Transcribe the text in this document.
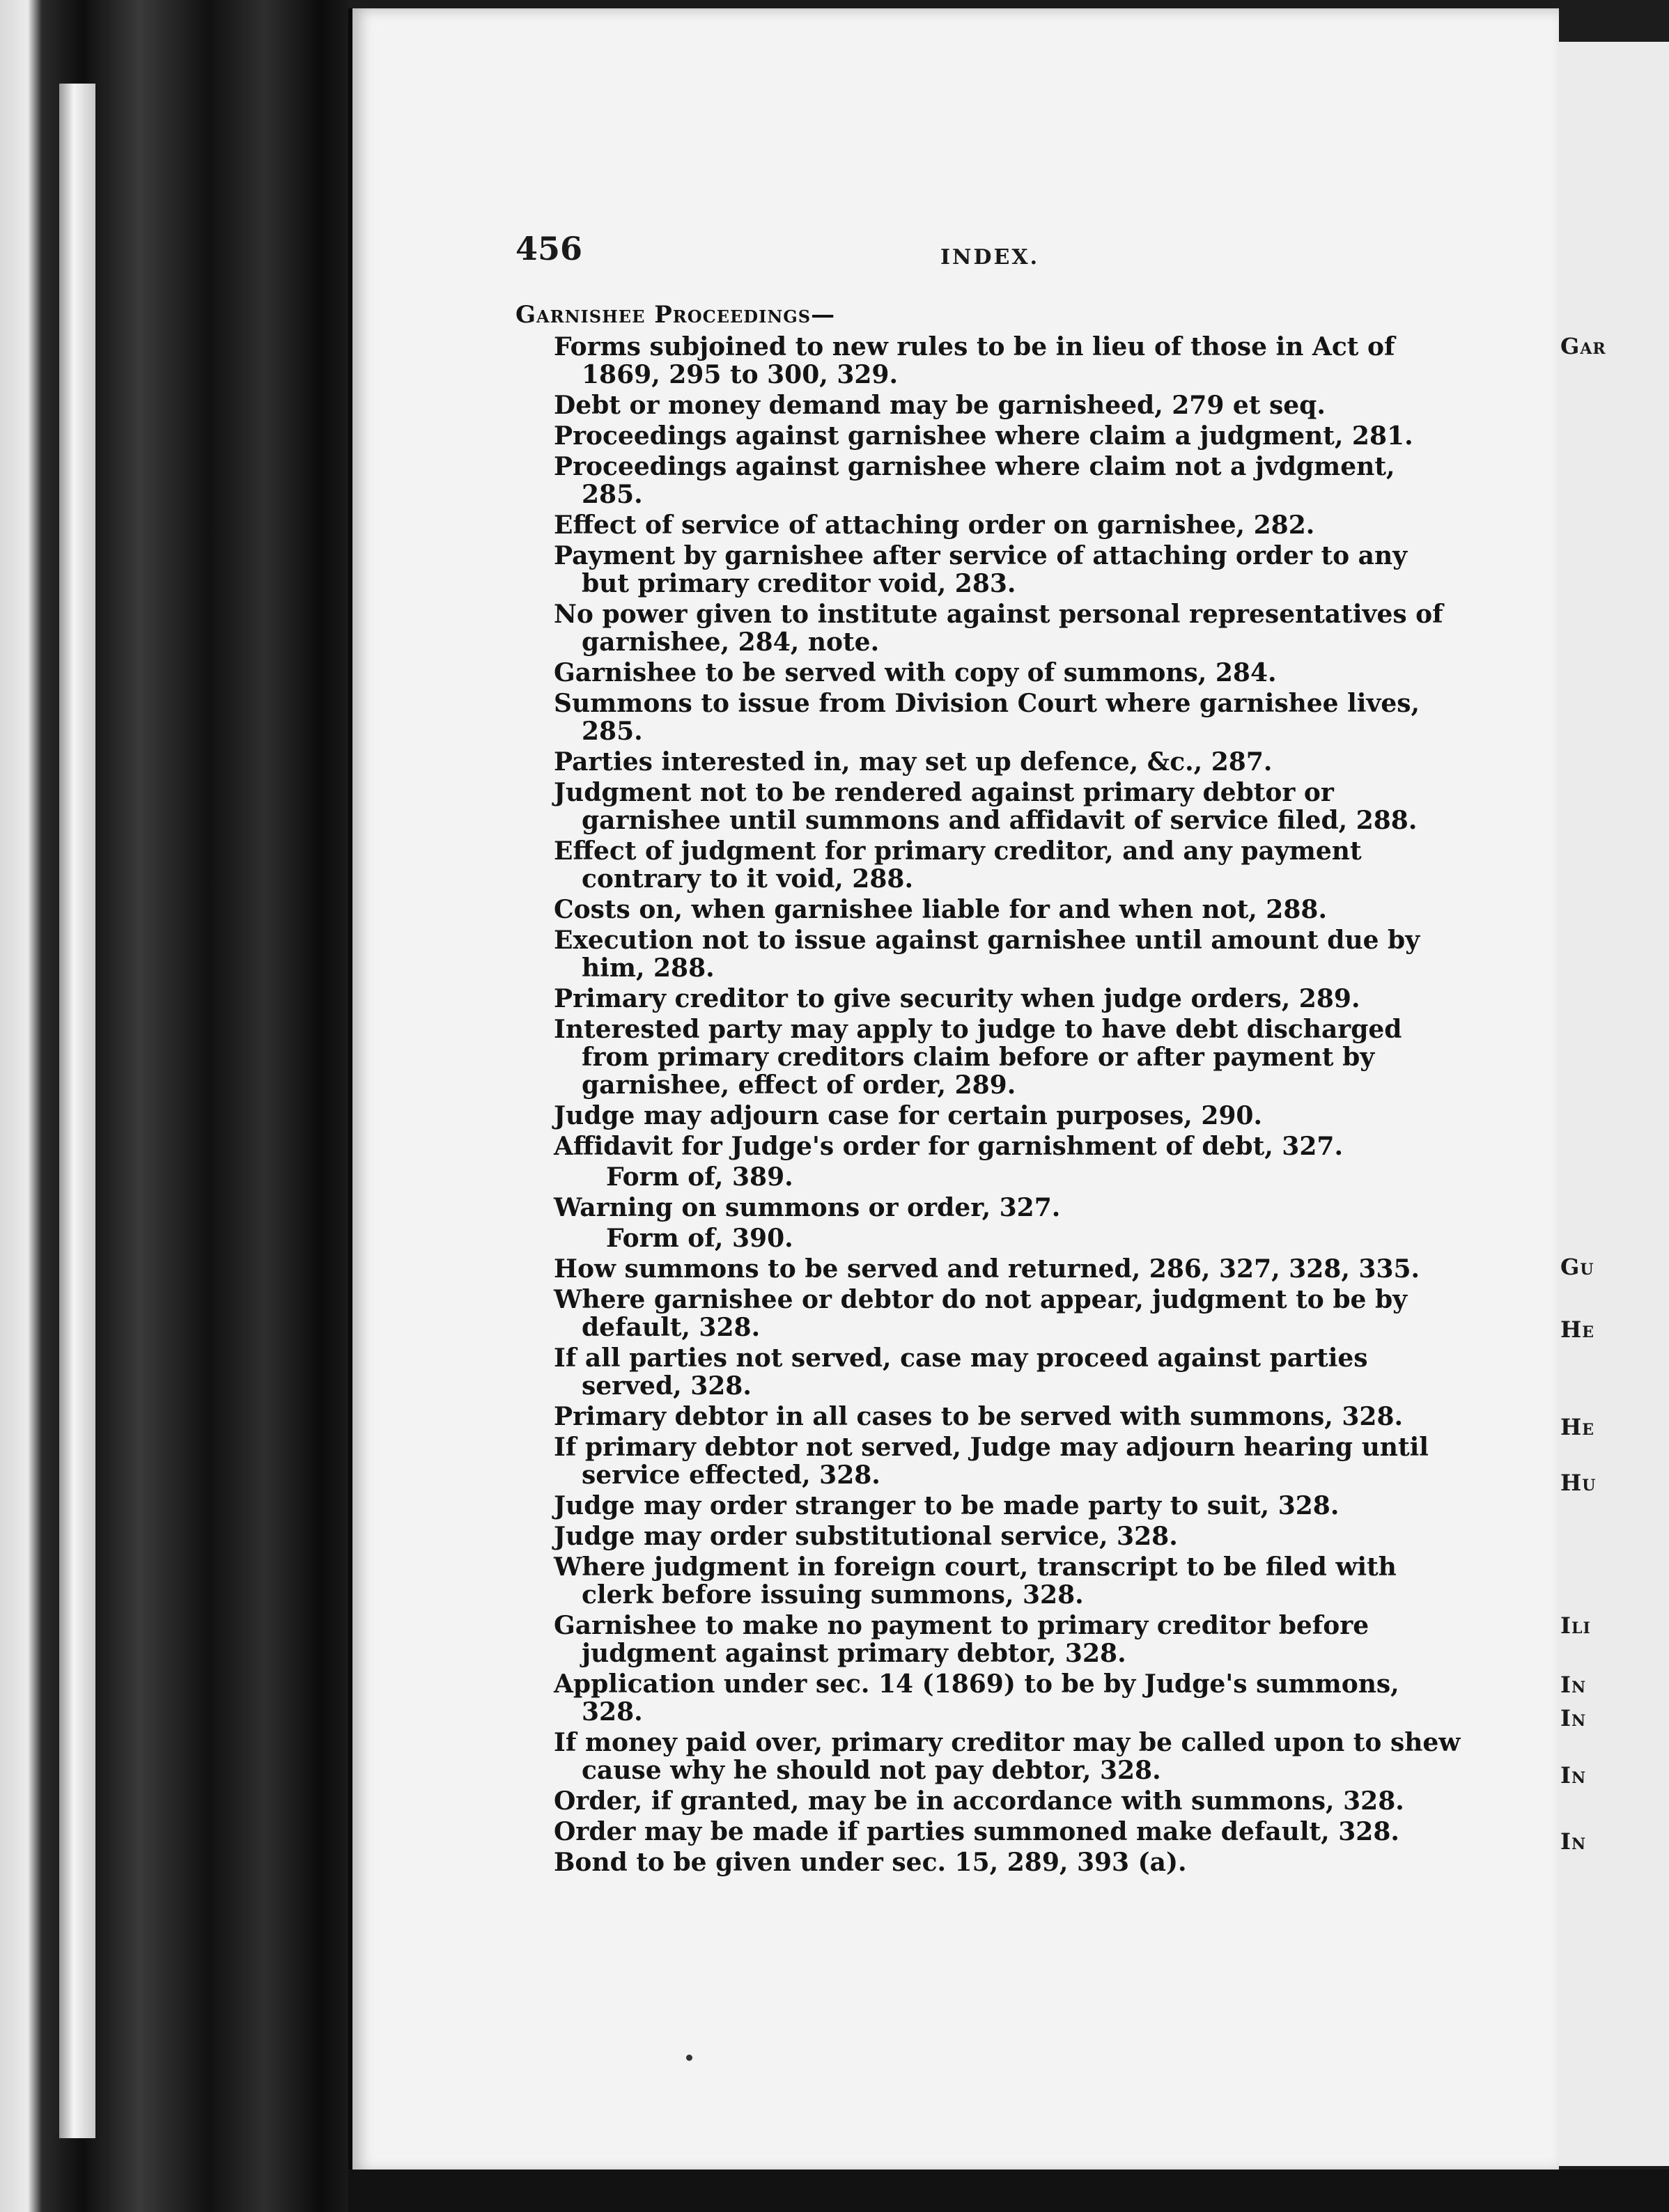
456	INDEX.
Garnishee Proceedings—
Forms subjoined to new rules to be in lieu of those in Act of 1869, 295 to 300, 329.
Debt or money demand may be garnisheed, 279 et seq.
Proceedings against garnishee where claim a judgment, 281.
Proceedings against garnishee where claim not a jvdgment, 285.
Effect of service of attaching order on garnishee, 282.
Payment by garnishee after service of attaching order to any but primary creditor void, 283.
No power given to institute against personal representatives of garnishee, 284, note.
Garnishee to be served with copy of summons, 284.
Summons to issue from Division Court where garnishee lives, 285.
Parties interested in, may set up defence, &c., 287.
Judgment not to be rendered against primary debtor or garnishee until summons and affidavit of service filed, 288.
Effect of judgment for primary creditor, and any payment contrary to it void, 288.
Costs on, when garnishee liable for and when not, 288.
Execution not to issue against garnishee until amount due by him, 288.
Primary creditor to give security when judge orders, 289.
Interested party may apply to judge to have debt discharged from primary creditors claim before or after payment by garnishee, effect of order, 289.
Judge may adjourn case for certain purposes, 290.
Affidavit for Judge's order for garnishment of debt, 327.
Form of, 389.
Warning on summons or order, 327.
Form of, 390.
How summons to be served and returned, 286, 327, 328, 335.
Where garnishee or debtor do not appear, judgment to be by default, 328.
If all parties not served, case may proceed against parties served, 328.
Primary debtor in all cases to be served with summons, 328.
If primary debtor not served, Judge may adjourn hearing until service effected, 328.
Judge may order stranger to be made party to suit, 328.
Judge may order substitutional service, 328.
Where judgment in foreign court, transcript to be filed with clerk before issuing summons, 328.
Garnishee to make no payment to primary creditor before judgment against primary debtor, 328.
Application under sec. 14 (1869) to be by Judge's summons, 328.
If money paid over, primary creditor may be called upon to shew cause why he should not pay debtor, 328.
Order, if granted, may be in accordance with summons, 328.
Order may be made if parties summoned make default, 328.
Bond to be given under sec. 15, 289, 393 (a).
Gar
Gu
He
He
Hu
Ili
In
In
In
In
